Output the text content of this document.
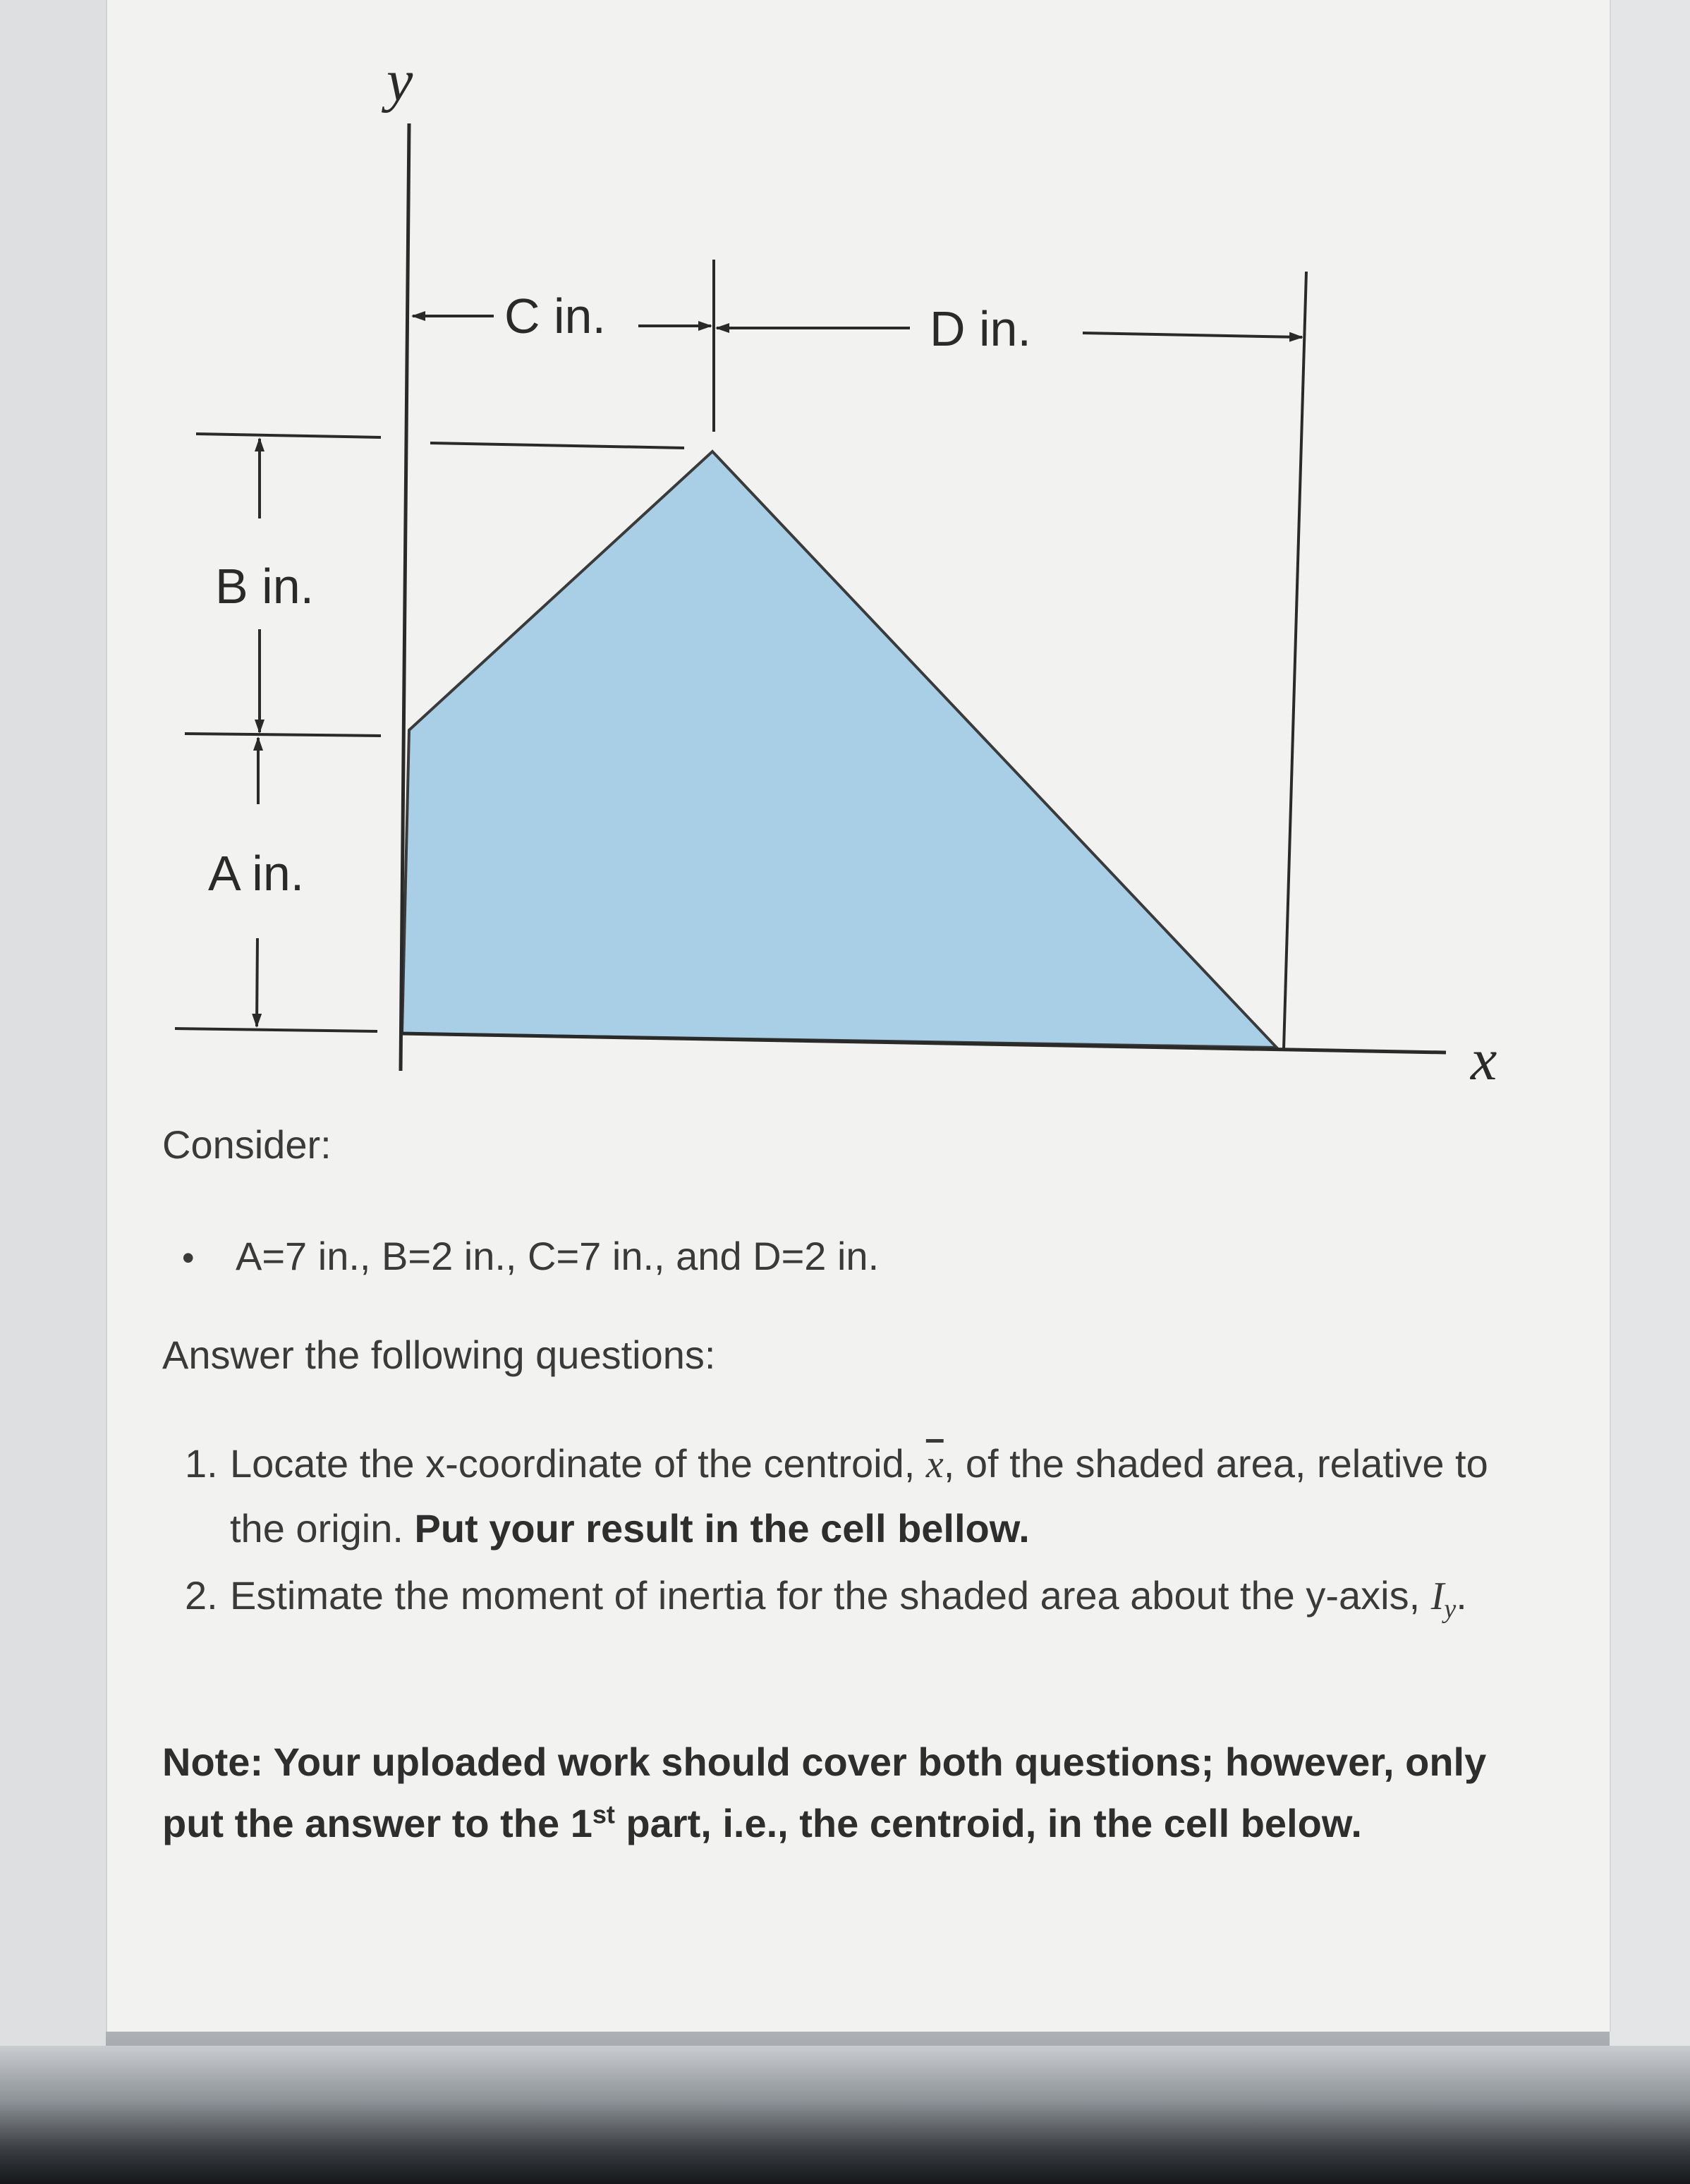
y
x
C in.	D in.
B in.
A in.
Consider:
• A=7 in., B=2 in., C=7 in., and D=2 in.
Answer the following questions:
1. Locate the x-coordinate of the centroid, $\overline{x}$, of the shaded area, relative to the origin. Put your result in the cell bellow.
2. Estimate the moment of inertia for the shaded area about the y-axis, $I_y$.
Note: Your uploaded work should cover both questions; however, only put the answer to the 1st part, i.e., the centroid, in the cell below.
